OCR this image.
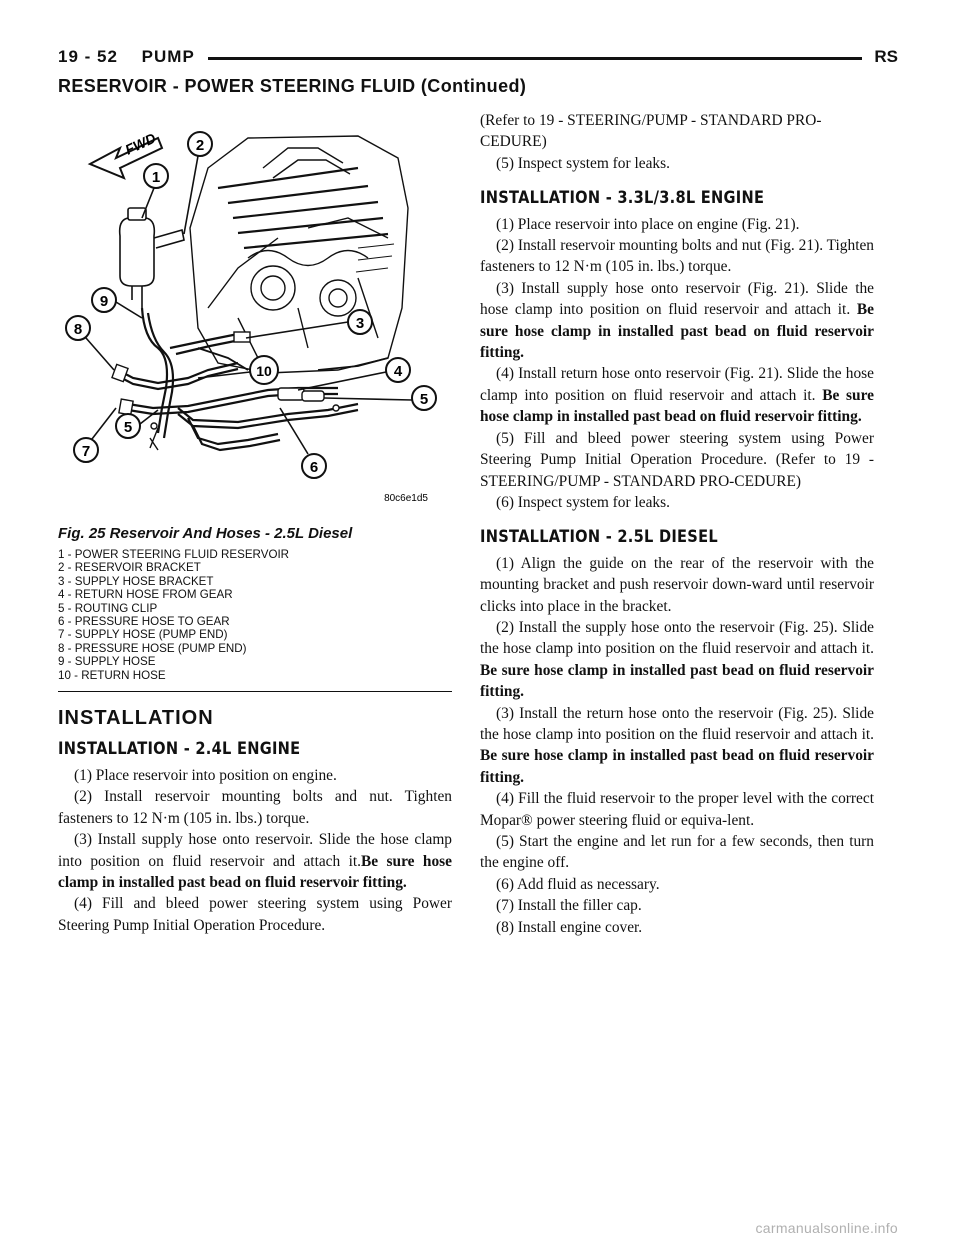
19 - 52 PUMP	RS
RESERVOIR - POWER STEERING FLUID (Continued)
FWD
1
2
3
4
5
5
6
7
8
9
10
80c6e1d5
Fig. 25 Reservoir And Hoses - 2.5L Diesel
1 - POWER STEERING FLUID RESERVOIR
2 - RESERVOIR BRACKET
3 - SUPPLY HOSE BRACKET
4 - RETURN HOSE FROM GEAR
5 - ROUTING CLIP
6 - PRESSURE HOSE TO GEAR
7 - SUPPLY HOSE (PUMP END)
8 - PRESSURE HOSE (PUMP END)
9 - SUPPLY HOSE
10 - RETURN HOSE
INSTALLATION
INSTALLATION - 2.4L ENGINE

(1) Place reservoir into position on engine.

(2) Install reservoir mounting bolts and nut. Tighten fasteners to 12 N·m (105 in. lbs.) torque.

(3) Install supply hose onto reservoir. Slide the hose clamp into position on fluid reservoir and attach it.Be sure hose clamp in installed past bead on fluid reservoir fitting.

(4) Fill and bleed power steering system using Power Steering Pump Initial Operation Procedure.

(Refer to 19 - STEERING/PUMP - STANDARD PRO-CEDURE)

(5) Inspect system for leaks.

INSTALLATION - 3.3L/3.8L ENGINE

(1) Place reservoir into place on engine (Fig. 21).

(2) Install reservoir mounting bolts and nut (Fig. 21). Tighten fasteners to 12 N·m (105 in. lbs.) torque.

(3) Install supply hose onto reservoir (Fig. 21). Slide the hose clamp into position on fluid reservoir and attach it. Be sure hose clamp in installed past bead on fluid reservoir fitting.

(4) Install return hose onto reservoir (Fig. 21). Slide the hose clamp into position on fluid reservoir and attach it. Be sure hose clamp in installed past bead on fluid reservoir fitting.

(5) Fill and bleed power steering system using Power Steering Pump Initial Operation Procedure. (Refer to 19 - STEERING/PUMP - STANDARD PRO-CEDURE)

(6) Inspect system for leaks.

INSTALLATION - 2.5L DIESEL

(1) Align the guide on the rear of the reservoir with the mounting bracket and push reservoir down-ward until reservoir clicks into place in the bracket.

(2) Install the supply hose onto the reservoir (Fig. 25). Slide the hose clamp into position on the fluid reservoir and attach it. Be sure hose clamp in installed past bead on fluid reservoir fitting.

(3) Install the return hose onto the reservoir (Fig. 25). Slide the hose clamp into position on the fluid reservoir and attach it. Be sure hose clamp in installed past bead on fluid reservoir fitting.

(4) Fill the fluid reservoir to the proper level with the correct Mopar® power steering fluid or equiva-lent.

(5) Start the engine and let run for a few seconds, then turn the engine off.

(6) Add fluid as necessary.

(7) Install the filler cap.

(8) Install engine cover.

carmanualsonline.info
